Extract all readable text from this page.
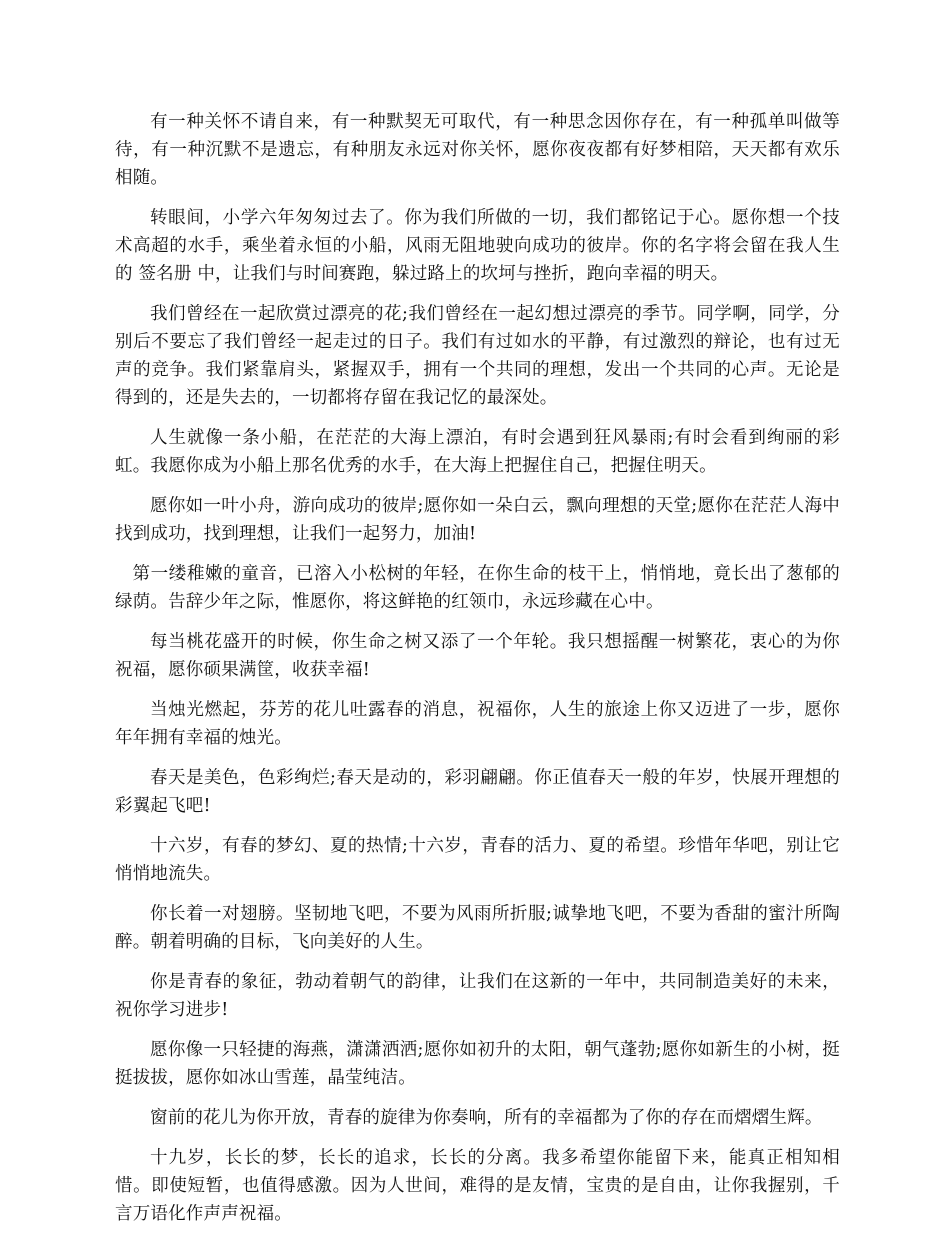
有一种关怀不请自来，有一种默契无可取代，有一种思念因你存在，有一种孤单叫做等待，有一种沉默不是遗忘，有种朋友永远对你关怀，愿你夜夜都有好梦相陪，天天都有欢乐相随。

转眼间，小学六年匆匆过去了。你为我们所做的一切，我们都铭记于心。愿你想一个技术高超的水手，乘坐着永恒的小船，风雨无阻地驶向成功的彼岸。你的名字将会留在我人生的 签名册 中，让我们与时间赛跑，躲过路上的坎坷与挫折，跑向幸福的明天。

我们曾经在一起欣赏过漂亮的花;我们曾经在一起幻想过漂亮的季节。同学啊，同学，分别后不要忘了我们曾经一起走过的日子。我们有过如水的平静，有过激烈的辩论，也有过无声的竞争。我们紧靠肩头，紧握双手，拥有一个共同的理想，发出一个共同的心声。无论是得到的，还是失去的，一切都将存留在我记忆的最深处。

人生就像一条小船，在茫茫的大海上漂泊，有时会遇到狂风暴雨;有时会看到绚丽的彩虹。我愿你成为小船上那名优秀的水手，在大海上把握住自己，把握住明天。

愿你如一叶小舟，游向成功的彼岸;愿你如一朵白云，飘向理想的天堂;愿你在茫茫人海中找到成功，找到理想，让我们一起努力，加油!

第一缕稚嫩的童音，已溶入小松树的年轻，在你生命的枝干上，悄悄地，竟长出了葱郁的绿荫。告辞少年之际，惟愿你，将这鲜艳的红领巾，永远珍藏在心中。

每当桃花盛开的时候，你生命之树又添了一个年轮。我只想摇醒一树繁花，衷心的为你祝福，愿你硕果满筐，收获幸福!

当烛光燃起，芬芳的花儿吐露春的消息，祝福你，人生的旅途上你又迈进了一步，愿你年年拥有幸福的烛光。

春天是美色，色彩绚烂;春天是动的，彩羽翩翩。你正值春天一般的年岁，快展开理想的彩翼起飞吧!

十六岁，有春的梦幻、夏的热情;十六岁，青春的活力、夏的希望。珍惜年华吧，别让它悄悄地流失。

你长着一对翅膀。坚韧地飞吧，不要为风雨所折服;诚挚地飞吧，不要为香甜的蜜汁所陶醉。朝着明确的目标，飞向美好的人生。

你是青春的象征，勃动着朝气的韵律，让我们在这新的一年中，共同制造美好的未来，祝你学习进步!

愿你像一只轻捷的海燕，潇潇洒洒;愿你如初升的太阳，朝气蓬勃;愿你如新生的小树，挺挺拔拔，愿你如冰山雪莲，晶莹纯洁。

窗前的花儿为你开放，青春的旋律为你奏响，所有的幸福都为了你的存在而熠熠生辉。

十九岁，长长的梦，长长的追求，长长的分离。我多希望你能留下来，能真正相知相惜。即使短暂，也值得感激。因为人世间，难得的是友情，宝贵的是自由，让你我握别，千言万语化作声声祝福。
